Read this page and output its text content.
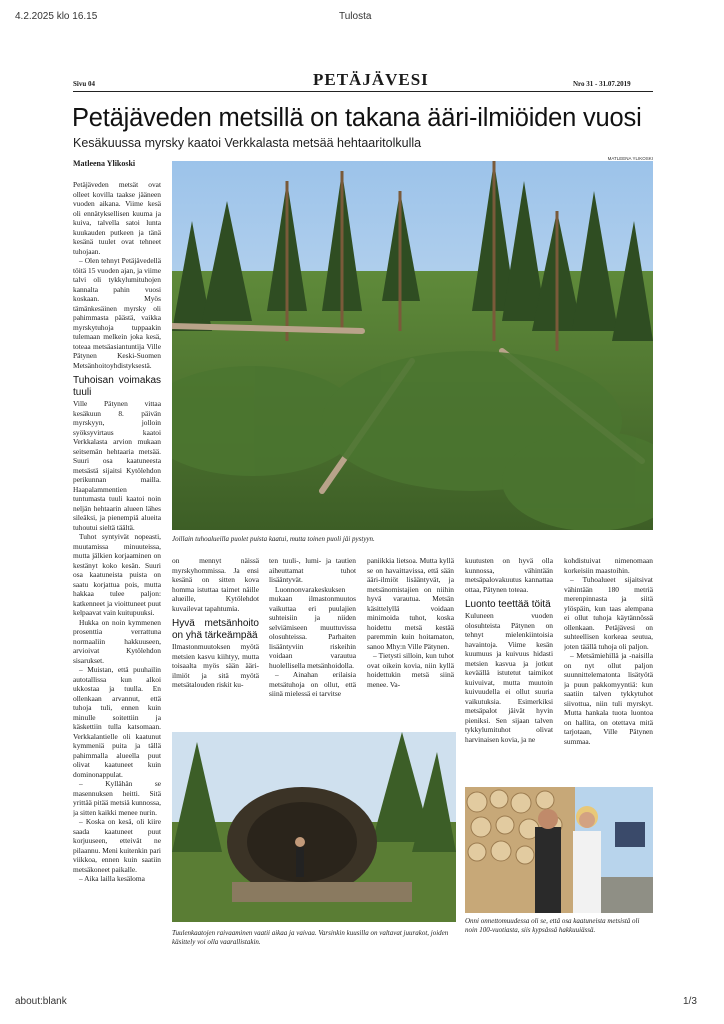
4.2.2025 klo 16.15	Tulosta
about:blank	1/3
Sivu 04	PETÄJÄVESI	Nro 31 - 31.07.2019
Petäjäveden metsillä on takana ääri-ilmiöiden vuosi
Kesäkuussa myrsky kaatoi Verkkalasta metsää hehtaaritolkulla
Matleena Ylikoski
MATLEENA YLIKOSKI
Joillain tuhoalueilla puolet puista kaatui, mutta toinen puoli jäi pystyyn.

Petäjäveden metsät ovat olleet kovilla taakse jääneen vuoden aikana. Viime kesä oli ennätyksellisen kuuma ja kuiva, talvella satoi lunta kuukauden putkeen ja tänä kesänä tuulet ovat tehneet tuhojaan.

– Olen tehnyt Petäjävedellä töitä 15 vuoden ajan, ja viime talvi oli tykkylumituhojen kannalta pahin vuosi koskaan. Myös tämänkesäinen myrsky oli pahimmasta päästä, vaikka myrskytuhoja tuppaakin tulemaan melkein joka kesä, toteaa metsäasiantuntija Ville Pätynen Keski-Suomen Metsänhoitoyhdistyksestä.

Tuhoisan voimakas tuuli

Ville Pätynen vittaa kesäkuun 8. päivän myrskyyn, jolloin syöksyvirtaus kaatoi Verkkalasta arvion mukaan seitsemän hehtaaria metsää. Suuri osa kaatuneesta metsästä sijaitsi Kytölehdon perikunnan mailla. Haapalammentien tuntumasta tuuli kaatoi noin neljän hehtaarin alueen lähes sileäksi, ja pienempiä alueita tuhoutui sieltä täältä.

Tuhot syntyivät nopeasti, muutamissa minuuteissa, mutta jälkien korjaaminen on kestänyt koko kesän. Suuri osa kaatuneista puista on saatu korjattua pois, mutta hakkaa tulee paljon: katkenneet ja vioittuneet puut kelpaavat vain kuitupuuksi.

Hukka on noin kymmenen prosenttia verrattuna normaaliin hakkuuseen, arvioivat Kytölehdon sisarukset.

– Muistan, että puuhailin autotallissa kun alkoi ukkostaa ja tuulla. En ollenkaan arvannut, että tuhoja tuli, ennen kuin minulle soitettiin ja käskettiin tulla katsomaan. Verkkalantielle oli kaatunut kymmeniä puita ja tällä pahimmalla alueella puut olivat kaatuneet kuin dominonappulat.

– Kyllähän se masennuksen heitti. Sitä yrittää pitää metsiä kunnossa, ja sitten kaikki menee nurin.

– Koska on kesä, oli kiire saada kaatuneet puut korjuuseen, etteivät ne pilaannu. Meni kuitenkin pari viikkoa, ennen kuin saatiin metsäkoneet paikalle.

– Aika lailla kesäloma

on mennyt näissä myrskyhommissa. Ja ensi kesänä on sitten kova homma istuttaa taimet näille alueille, Kytölehdot kuvailevat tapahtumia.

Hyvä metsänhoito on yhä tärkeämpää

Ilmastonmuutoksen myötä metsien kasvu kiihtyy, mutta toisaalta myös sään ääri-ilmiöt ja sitä myötä metsätalouden riskit ku-

ten tuuli-, lumi- ja tautien aiheuttamat tuhot lisääntyvät.

Luonnonvarakeskuksen mukaan ilmastonmuutos vaikuttaa eri puulajien suhteisiin ja niiden selviämiseen muuttuvissa olosuhteissa. Parhaiten lisääntyviin riskeihin voidaan varautua huolellisella metsänhoidolla.

– Ainahan erilaisia metsätuhoja on ollut, että siinä mielessä ei tarvitse

paniikkia lietsoa. Mutta kyllä se on havaittavissa, että sään ääri-ilmiöt lisääntyvät, ja metsänomistajien on niihin hyvä varautua. Metsän käsittelyllä voidaan minimoida tuhot, koska hoidettu metsä kestää paremmin kuin hoitamaton, sanoo Mhy:n Ville Pätynen.

– Tietysti silloin, kun tuhot ovat oikein kovia, niin kyllä hoidettukin metsä siinä menee. Va-

kuutusten on hyvä olla kunnossa, vähintään metsäpalovakuutus kannattaa ottaa, Pätynen toteaa.

Luonto teettää töitä

Kuluneen vuoden olosuhteista Pätynen on tehnyt mielenkiintoisia havaintoja. Viime kesän kuumuus ja kuivuus hidasti metsien kasvua ja jotkut keväällä istutetut taimikot kuivuivat, mutta muutoin kuivuudella ei ollut suuria vaikutuksia. Esimerkiksi metsäpalot jäivät hyvin pieniksi. Sen sijaan talven tykkylumituhot olivat harvinaisen kovia, ja ne

kohdistuivat nimenomaan korkeisiin maastoihin.

– Tuhoalueet sijaitsivat vähintään 180 metriä merenpinnasta ja siitä ylöspäin, kun taas alempana ei ollut tuhoja käytännössä ollenkaan. Petäjävesi on suhteellisen korkeaa seutua, joten täällä tuhoja oli paljon.

– Metsämiehillä ja -naisilla on nyt ollut paljon suunnittelematonta lisätyötä ja puun pakkomyyntiä: kun saatiin talven tykkytuhot siivottua, niin tuli myrskyt. Mutta hankala tuota luontoa on hallita, on otettava mitä tarjotaan, Ville Pätynen summaa.

Tuulenkaatojen raivaaminen vaatii aikaa ja vaivaa. Varsinkin kuusilla on valtavat juurakot, joiden käsittely voi olla vaarallistakin.
Onni onnettomuudessa oli se, että osa kaatuneista metsistä oli noin 100-vuotiasta, siis kypsässä hakkuuiässä.
